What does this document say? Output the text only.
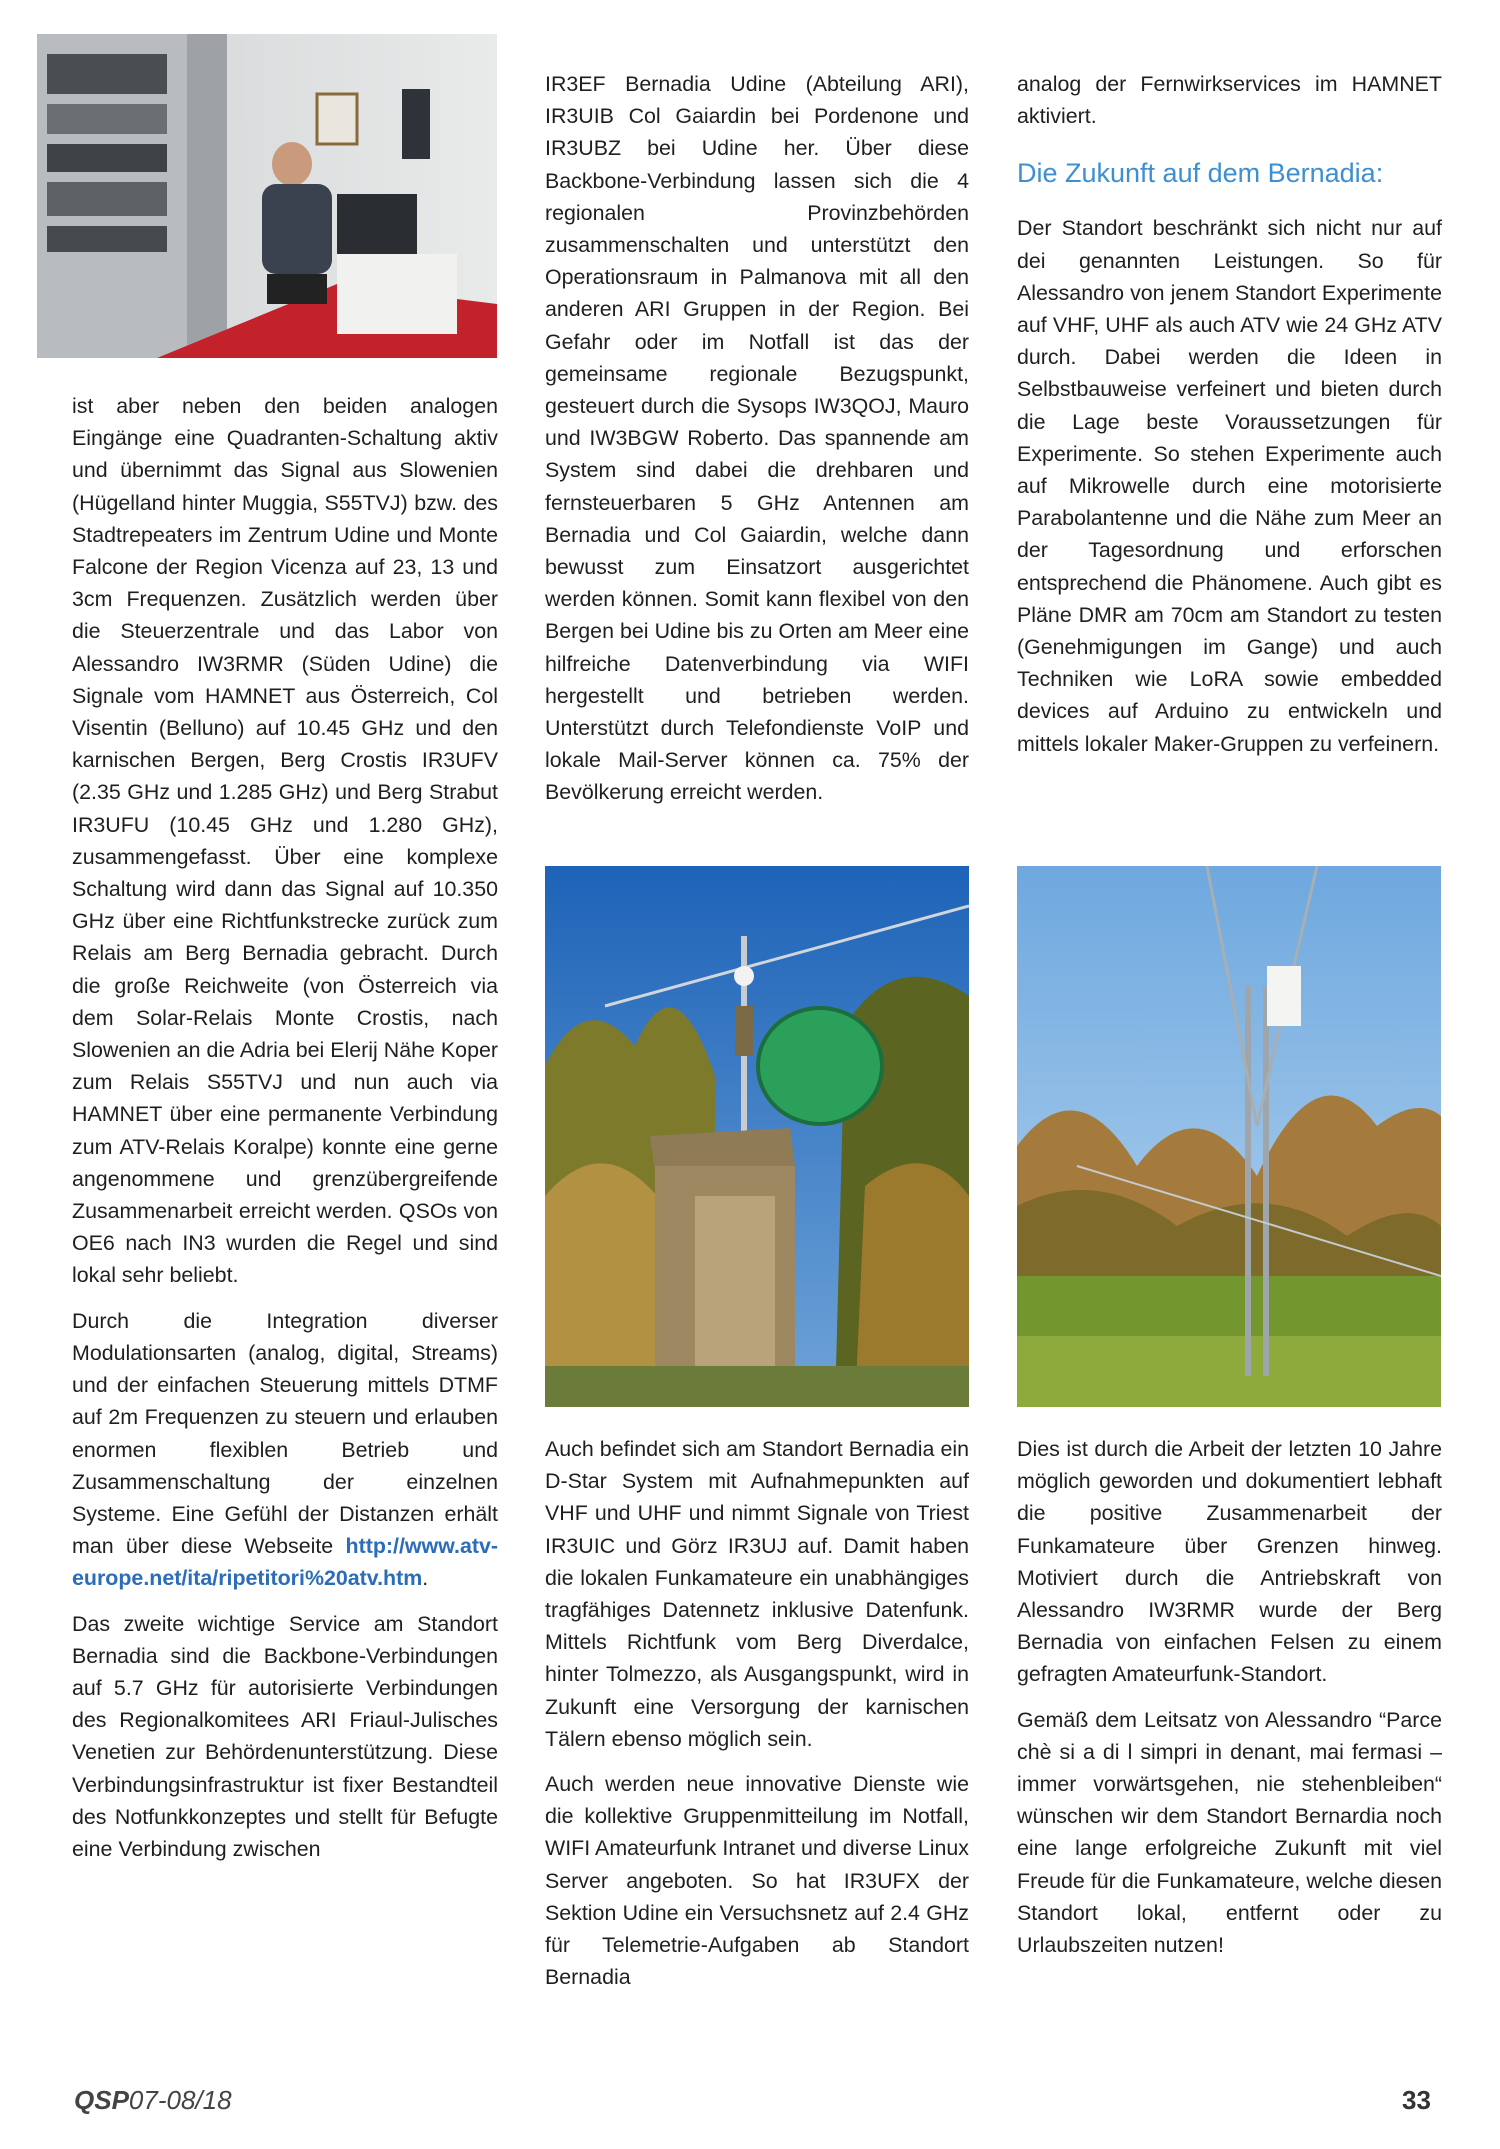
ist aber neben den beiden analogen Eingänge eine Quadranten-Schaltung aktiv und übernimmt das Signal aus Slowenien (Hügelland hinter Muggia, S55TVJ) bzw. des Stadtrepeaters im Zentrum Udine und Monte Falcone der Region Vicenza auf 23, 13 und 3cm Frequenzen. Zusätzlich werden über die Steuerzentrale und das Labor von Alessandro IW3RMR (Süden Udine) die Signale vom HAMNET aus Österreich, Col Visentin (Belluno) auf 10.45 GHz und den karnischen Bergen, Berg Crostis IR3UFV (2.35 GHz und 1.285 GHz) und Berg Strabut IR3UFU (10.45 GHz und 1.280 GHz), zusammengefasst. Über eine komplexe Schaltung wird dann das Signal auf 10.350 GHz über eine Richtfunkstrecke zurück zum Relais am Berg Bernadia gebracht. Durch die große Reichweite (von Österreich via dem Solar-Relais Monte Crostis, nach Slowenien an die Adria bei Elerij Nähe Koper zum Relais S55TVJ und nun auch via HAMNET über eine permanente Verbindung zum ATV-Relais Koralpe) konnte eine gerne angenommene und grenzübergreifende Zusammenarbeit erreicht werden. QSOs von OE6 nach IN3 wurden die Regel und sind lokal sehr beliebt.

Durch die Integration diverser Modulationsarten (analog, digital, Streams) und der einfachen Steuerung mittels DTMF auf 2m Frequenzen zu steuern und erlauben enormen flexiblen Betrieb und Zusammenschaltung der einzelnen Systeme. Eine Gefühl der Distanzen erhält man über diese Webseite http://www.atv-europe.net/ita/ripetitori%20atv.htm.

Das zweite wichtige Service am Standort Bernadia sind die Backbone-Verbindungen auf 5.7 GHz für autorisierte Verbindungen des Regionalkomitees ARI Friaul-Julisches Venetien zur Behördenunterstützung. Diese Verbindungsinfrastruktur ist fixer Bestandteil des Notfunkkonzeptes und stellt für Befugte eine Verbindung zwischen

IR3EF Bernadia Udine (Abteilung ARI), IR3UIB Col Gaiardin bei Pordenone und IR3UBZ bei Udine her. Über diese Backbone-Verbindung lassen sich die 4 regionalen Provinzbehörden zusammenschalten und unterstützt den Operationsraum in Palmanova mit all den anderen ARI Gruppen in der Region. Bei Gefahr oder im Notfall ist das der gemeinsame regionale Bezugspunkt, gesteuert durch die Sysops IW3QOJ, Mauro und IW3BGW Roberto. Das spannende am System sind dabei die drehbaren und fernsteuerbaren 5 GHz Antennen am Bernadia und Col Gaiardin, welche dann bewusst zum Einsatzort ausgerichtet werden können. Somit kann flexibel von den Bergen bei Udine bis zu Orten am Meer eine hilfreiche Datenverbindung via WIFI hergestellt und betrieben werden. Unterstützt durch Telefondienste VoIP und lokale Mail-Server können ca. 75% der Bevölkerung erreicht werden.

Auch befindet sich am Standort Bernadia ein D-Star System mit Aufnahmepunkten auf VHF und UHF und nimmt Signale von Triest IR3UIC und Görz IR3UJ auf. Damit haben die lokalen Funkamateure ein unabhängiges tragfähiges Datennetz inklusive Datenfunk. Mittels Richtfunk vom Berg Diverdalce, hinter Tolmezzo, als Ausgangspunkt, wird in Zukunft eine Versorgung der karnischen Tälern ebenso möglich sein.

Auch werden neue innovative Dienste wie die kollektive Gruppenmitteilung im Notfall, WIFI Amateurfunk Intranet und diverse Linux Server angeboten. So hat IR3UFX der Sektion Udine ein Versuchsnetz auf 2.4 GHz für Telemetrie-Aufgaben ab Standort Bernadia

analog der Fernwirkservices im HAMNET aktiviert.

Die Zukunft auf dem Bernadia:

Der Standort beschränkt sich nicht nur auf dei genannten Leistungen. So für Alessandro von jenem Standort Experimente auf VHF, UHF als auch ATV wie 24 GHz ATV durch. Dabei werden die Ideen in Selbstbauweise verfeinert und bieten durch die Lage beste Voraussetzungen für Experimente. So stehen Experimente auch auf Mikrowelle durch eine motorisierte Parabolantenne und die Nähe zum Meer an der Tagesordnung und erforschen entsprechend die Phänomene. Auch gibt es Pläne DMR am 70cm am Standort zu testen (Genehmigungen im Gange) und auch Techniken wie LoRA sowie embedded devices auf Arduino zu entwickeln und mittels lokaler Maker-Gruppen zu verfeinern.

Dies ist durch die Arbeit der letzten 10 Jahre möglich geworden und dokumentiert lebhaft die positive Zusammenarbeit der Funkamateure über Grenzen hinweg. Motiviert durch die Antriebskraft von Alessandro IW3RMR wurde der Berg Bernadia von einfachen Felsen zu einem gefragten Amateurfunk-Standort.

Gemäß dem Leitsatz von Alessandro “Parce chè si a di l simpri in denant, mai fermasi – immer vorwärtsgehen, nie stehenbleiben“ wünschen wir dem Standort Bernardia noch eine lange erfolgreiche Zukunft mit viel Freude für die Funkamateure, welche diesen Standort lokal, entfernt oder zu Urlaubszeiten nutzen!

QSP07-08/18	33
